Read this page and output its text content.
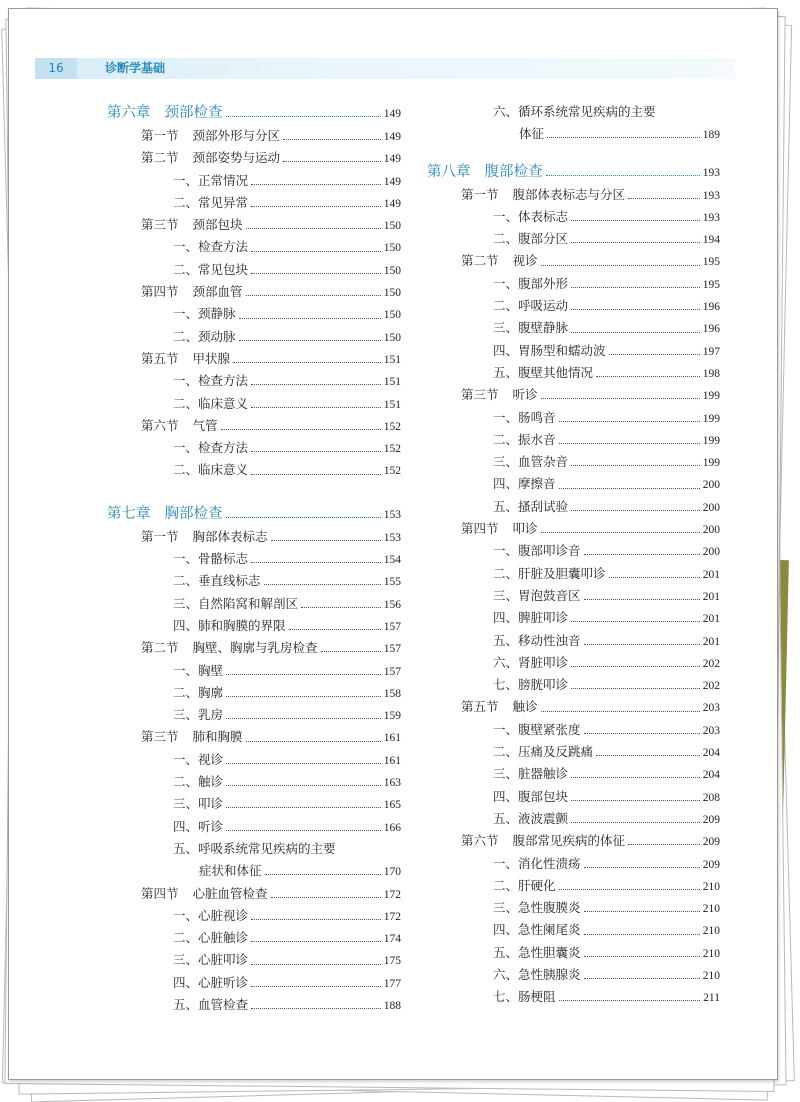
16	诊断学基础
第六章 颈部检查	149
第一节 颈部外形与分区	149
第二节 颈部姿势与运动	149
一、正常情况	149
二、常见异常	149
第三节 颈部包块	150
一、检查方法	150
二、常见包块	150
第四节 颈部血管	150
一、颈静脉	150
二、颈动脉	150
第五节 甲状腺	151
一、检查方法	151
二、临床意义	151
第六节 气管	152
一、检查方法	152
二、临床意义	152
第七章 胸部检查	153
第一节 胸部体表标志	153
一、骨骼标志	154
二、垂直线标志	155
三、自然陷窝和解剖区	156
四、肺和胸膜的界限	157
第二节 胸壁、胸廓与乳房检查	157
一、胸壁	157
二、胸廓	158
三、乳房	159
第三节 肺和胸膜	161
一、视诊	161
二、触诊	163
三、叩诊	165
四、听诊	166
五、呼吸系统常见疾病的主要
症状和体征	170
第四节 心脏血管检查	172
一、心脏视诊	172
二、心脏触诊	174
三、心脏叩诊	175
四、心脏听诊	177
五、血管检查	188
六、循环系统常见疾病的主要
体征	189
第八章 腹部检查	193
第一节 腹部体表标志与分区	193
一、体表标志	193
二、腹部分区	194
第二节 视诊	195
一、腹部外形	195
二、呼吸运动	196
三、腹壁静脉	196
四、胃肠型和蠕动波	197
五、腹壁其他情况	198
第三节 听诊	199
一、肠鸣音	199
二、振水音	199
三、血管杂音	199
四、摩擦音	200
五、搔刮试验	200
第四节 叩诊	200
一、腹部叩诊音	200
二、肝脏及胆囊叩诊	201
三、胃泡鼓音区	201
四、脾脏叩诊	201
五、移动性浊音	201
六、肾脏叩诊	202
七、膀胱叩诊	202
第五节 触诊	203
一、腹壁紧张度	203
二、压痛及反跳痛	204
三、脏器触诊	204
四、腹部包块	208
五、液波震颤	209
第六节 腹部常见疾病的体征	209
一、消化性溃疡	209
二、肝硬化	210
三、急性腹膜炎	210
四、急性阑尾炎	210
五、急性胆囊炎	210
六、急性胰腺炎	210
七、肠梗阻	211
